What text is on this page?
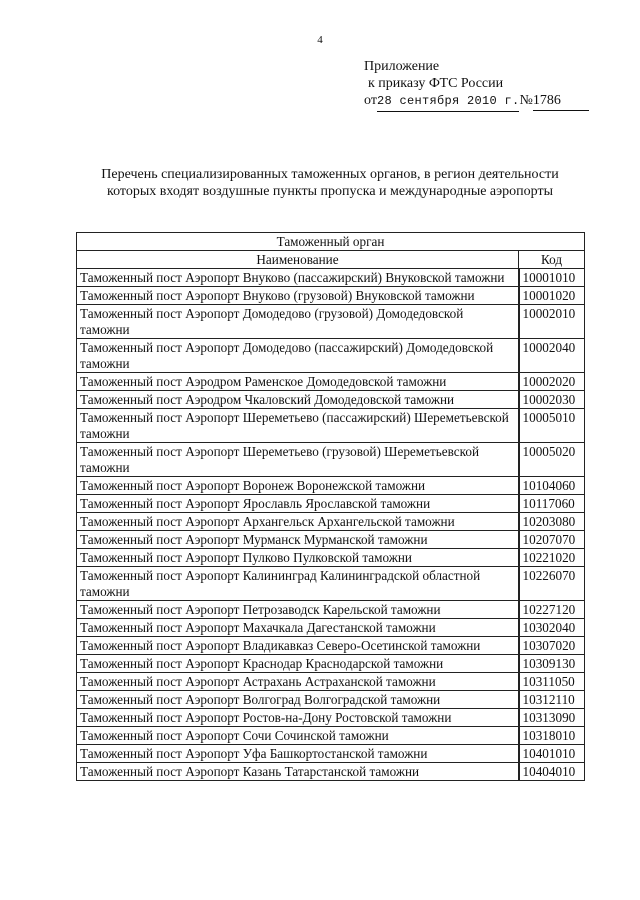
4
Приложение
к приказу ФТС России
от 28 сентября 2010 г. № 1786
Перечень специализированных таможенных органов, в регион деятельности
которых входят воздушные пункты пропуска и международные аэропорты
Таможенный орган	
Наименование	Код
Таможенный пост Аэропорт Внуково (пассажирский) Внуковской таможни	10001010
Таможенный пост Аэропорт Внуково (грузовой) Внуковской таможни	10001020
Таможенный пост Аэропорт Домодедово (грузовой) Домодедовской таможни	10002010
Таможенный пост Аэропорт Домодедово (пассажирский) Домодедовской таможни	10002040
Таможенный пост Аэродром Раменское Домодедовской таможни	10002020
Таможенный пост Аэродром Чкаловский Домодедовской таможни	10002030
Таможенный пост Аэропорт Шереметьево (пассажирский) Шереметьевской таможни	10005010
Таможенный пост Аэропорт Шереметьево (грузовой) Шереметьевской таможни	10005020
Таможенный пост Аэропорт Воронеж Воронежской таможни	10104060
Таможенный пост Аэропорт Ярославль Ярославской таможни	10117060
Таможенный пост Аэропорт Архангельск Архангельской таможни	10203080
Таможенный пост Аэропорт Мурманск Мурманской таможни	10207070
Таможенный пост Аэропорт Пулково Пулковской таможни	10221020
Таможенный пост Аэропорт Калининград Калининградской областной таможни	10226070
Таможенный пост Аэропорт Петрозаводск Карельской таможни	10227120
Таможенный пост Аэропорт Махачкала Дагестанской таможни	10302040
Таможенный пост Аэропорт Владикавказ Северо-Осетинской таможни	10307020
Таможенный пост Аэропорт Краснодар Краснодарской таможни	10309130
Таможенный пост Аэропорт Астрахань Астраханской таможни	10311050
Таможенный пост Аэропорт Волгоград Волгоградской таможни	10312110
Таможенный пост Аэропорт Ростов-на-Дону Ростовской таможни	10313090
Таможенный пост Аэропорт Сочи Сочинской таможни	10318010
Таможенный пост Аэропорт Уфа Башкортостанской таможни	10401010
Таможенный пост Аэропорт Казань Татарстанской таможни	10404010
